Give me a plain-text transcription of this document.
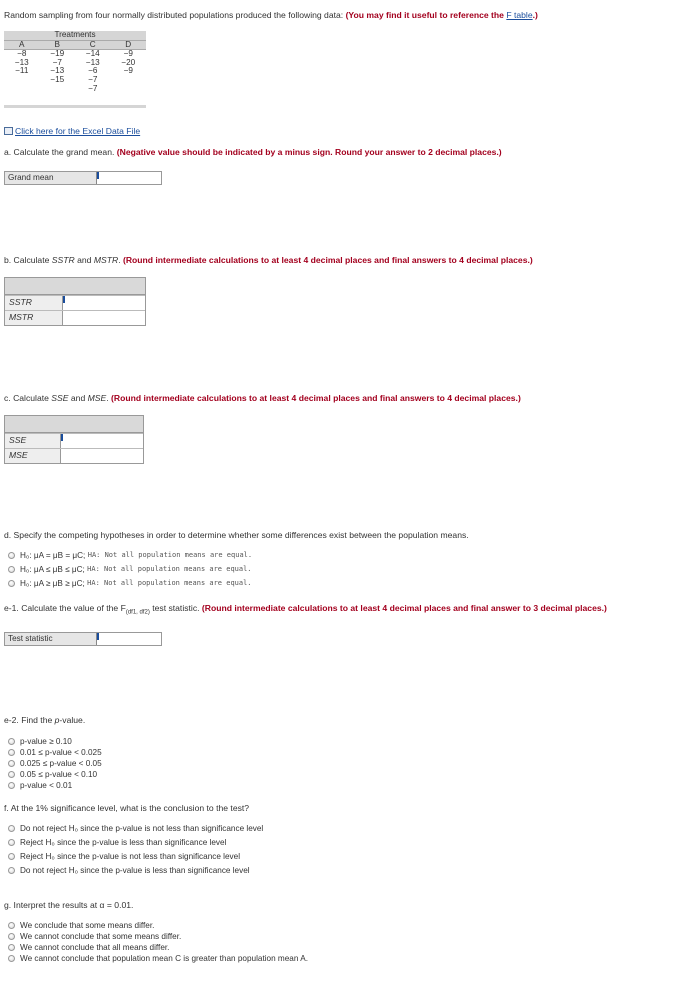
Random sampling from four normally distributed populations produced the following data: (You may find it useful to reference the F table.)
Treatments			
A	B	C	D
−8	−19	−14	−9
−13	−7	−13	−20
−11	−13	−6	−9
	−15	−7	
		−7	
Click here for the Excel Data File
a. Calculate the grand mean. (Negative value should be indicated by a minus sign. Round your answer to 2 decimal places.)
Grand mean
b. Calculate SSTR and MSTR. (Round intermediate calculations to at least 4 decimal places and final answers to 4 decimal places.)
SSTR
MSTR
c. Calculate SSE and MSE. (Round intermediate calculations to at least 4 decimal places and final answers to 4 decimal places.)
SSE
MSE
d. Specify the competing hypotheses in order to determine whether some differences exist between the population means.
H₀: μA = μB = μC;
HA: Not all population means are equal.
H₀: μA ≤ μB ≤ μC;
HA: Not all population means are equal.
H₀: μA ≥ μB ≥ μC;
HA: Not all population means are equal.
e-1. Calculate the value of the $F_{(df1, df2)}$ test statistic. (Round intermediate calculations to at least 4 decimal places and final answer to 3 decimal places.)
Test statistic
e-2. Find the p-value.
p-value ≥ 0.10
0.01 ≤ p-value < 0.025
0.025 ≤ p-value < 0.05
0.05 ≤ p-value < 0.10
p-value < 0.01
f. At the 1% significance level, what is the conclusion to the test?
Do not reject H₀ since the p-value is not less than significance level
Reject H₀ since the p-value is less than significance level
Reject H₀ since the p-value is not less than significance level
Do not reject H₀ since the p-value is less than significance level
g. Interpret the results at α = 0.01.
We conclude that some means differ.
We cannot conclude that some means differ.
We cannot conclude that all means differ.
We cannot conclude that population mean C is greater than population mean A.
